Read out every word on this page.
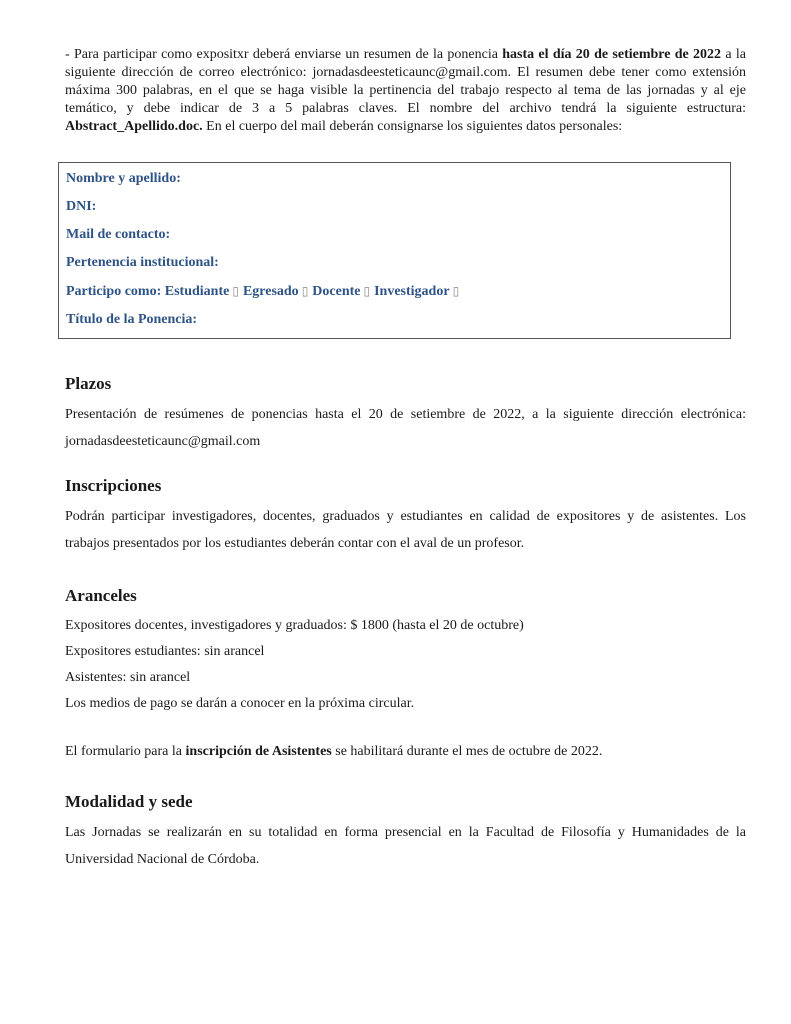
- Para participar como expositxr deberá enviarse un resumen de la ponencia hasta el día 20 de setiembre de 2022 a la siguiente dirección de correo electrónico: jornadasdeesteticaunc@gmail.com. El resumen debe tener como extensión máxima 300 palabras, en el que se haga visible la pertinencia del trabajo respecto al tema de las jornadas y al eje temático, y debe indicar de 3 a 5 palabras claves. El nombre del archivo tendrá la siguiente estructura: Abstract_Apellido.doc. En el cuerpo del mail deberán consignarse los siguientes datos personales:

Nombre y apellido:
DNI:
Mail de contacto:
Pertenencia institucional:
Participo como: Estudiante ▯ Egresado ▯ Docente ▯ Investigador ▯
Título de la Ponencia:
Plazos

Presentación de resúmenes de ponencias hasta el 20 de setiembre de 2022, a la siguiente dirección electrónica: jornadasdeesteticaunc@gmail.com

Inscripciones

Podrán participar investigadores, docentes, graduados y estudiantes en calidad de expositores y de asistentes. Los trabajos presentados por los estudiantes deberán contar con el aval de un profesor.

Aranceles

Expositores docentes, investigadores y graduados: $ 1800 (hasta el 20 de octubre)

Expositores estudiantes: sin arancel

Asistentes: sin arancel

Los medios de pago se darán a conocer en la próxima circular.

El formulario para la inscripción de Asistentes se habilitará durante el mes de octubre de 2022.

Modalidad y sede

Las Jornadas se realizarán en su totalidad en forma presencial en la Facultad de Filosofía y Humanidades de la Universidad Nacional de Córdoba.
